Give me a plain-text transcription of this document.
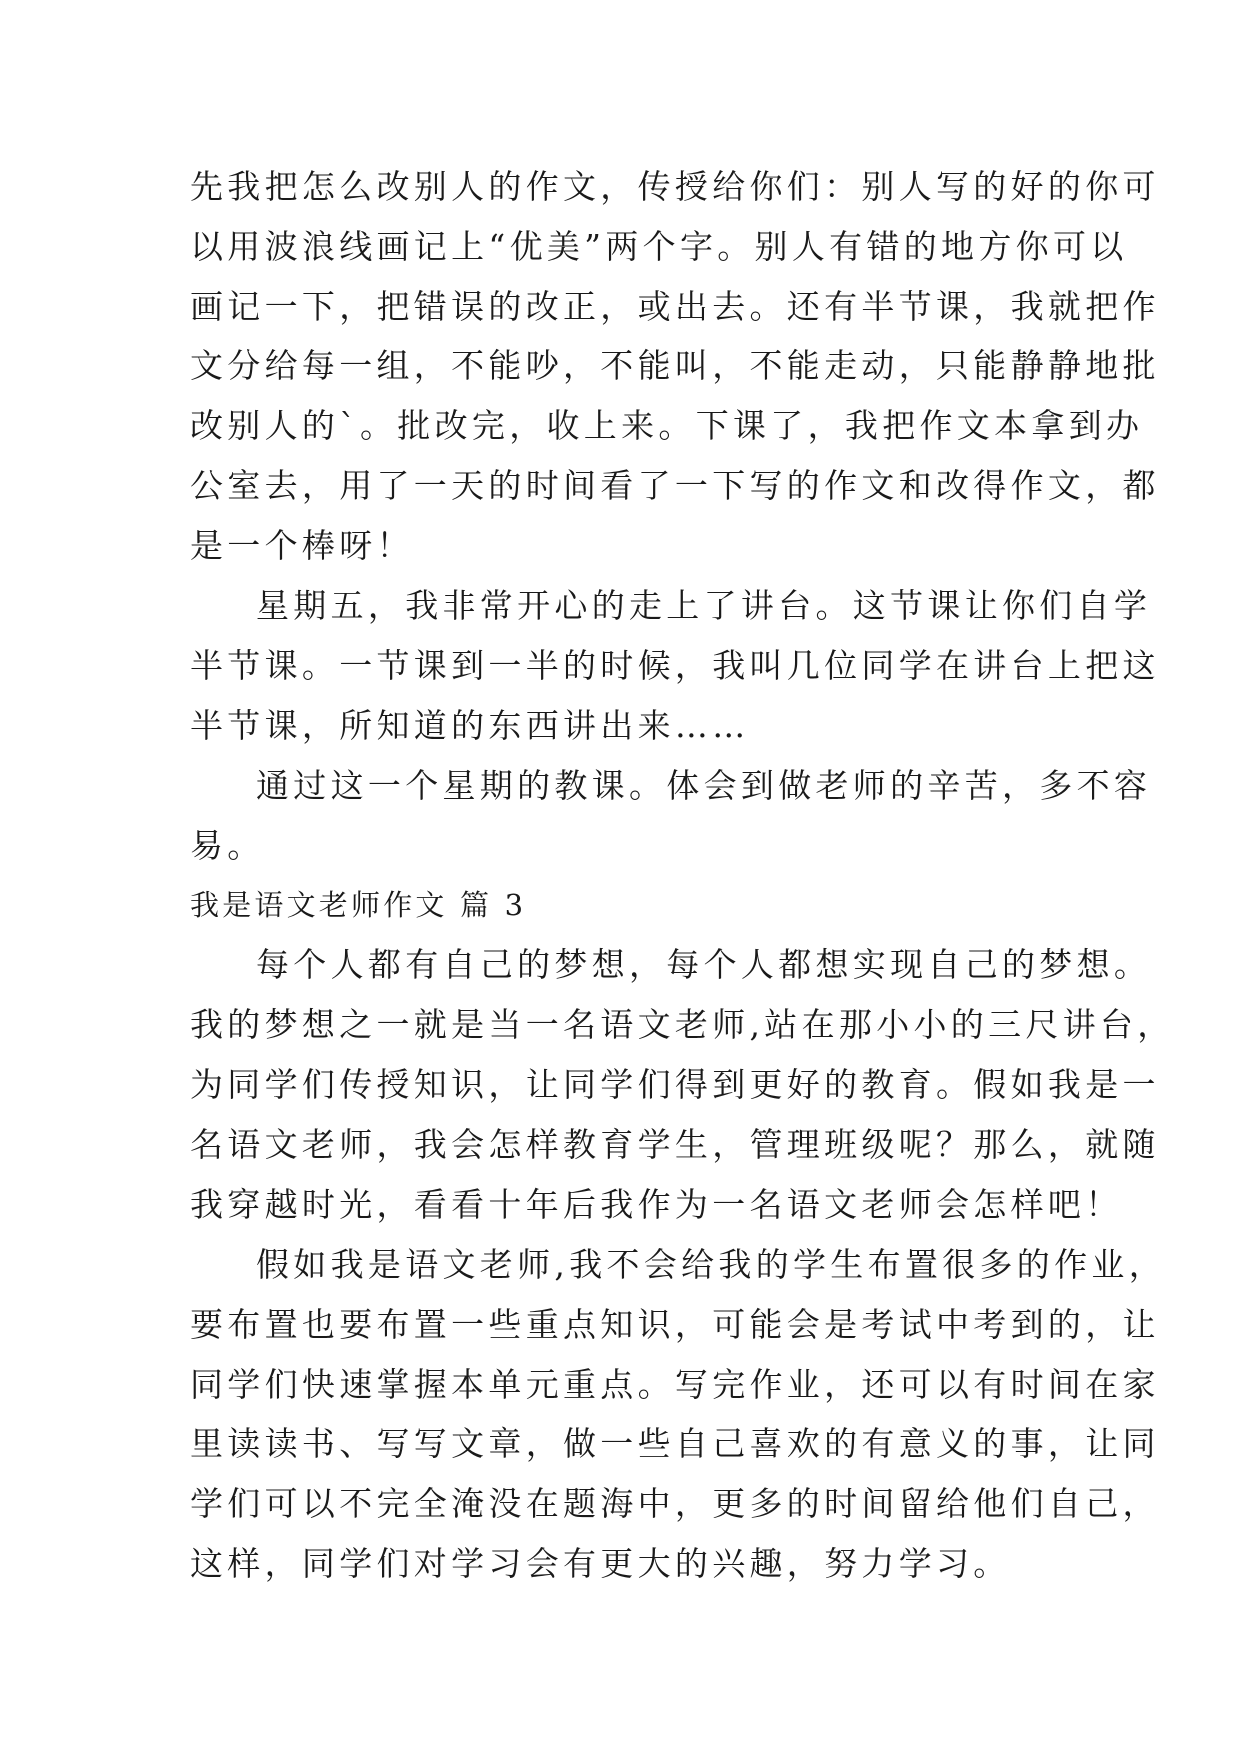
先我把怎么改别人的作文，传授给你们：别人写的好的你可
以用波浪线画记上“优美”两个字。别人有错的地方你可以
画记一下，把错误的改正，或出去。还有半节课，我就把作
文分给每一组，不能吵，不能叫，不能走动，只能静静地批
改别人的`。批改完，收上来。下课了，我把作文本拿到办
公室去，用了一天的时间看了一下写的作文和改得作文，都
是一个棒呀！
星期五，我非常开心的走上了讲台。这节课让你们自学
半节课。一节课到一半的时候，我叫几位同学在讲台上把这
半节课，所知道的东西讲出来……
通过这一个星期的教课。体会到做老师的辛苦，多不容
易。
我是语文老师作文 篇 3
每个人都有自己的梦想，每个人都想实现自己的梦想。
我的梦想之一就是当一名语文老师,站在那小小的三尺讲台，
为同学们传授知识，让同学们得到更好的教育。假如我是一
名语文老师，我会怎样教育学生，管理班级呢？那么，就随
我穿越时光，看看十年后我作为一名语文老师会怎样吧！
假如我是语文老师,我不会给我的学生布置很多的作业，
要布置也要布置一些重点知识，可能会是考试中考到的，让
同学们快速掌握本单元重点。写完作业，还可以有时间在家
里读读书、写写文章，做一些自己喜欢的有意义的事，让同
学们可以不完全淹没在题海中，更多的时间留给他们自己，
这样，同学们对学习会有更大的兴趣，努力学习。
